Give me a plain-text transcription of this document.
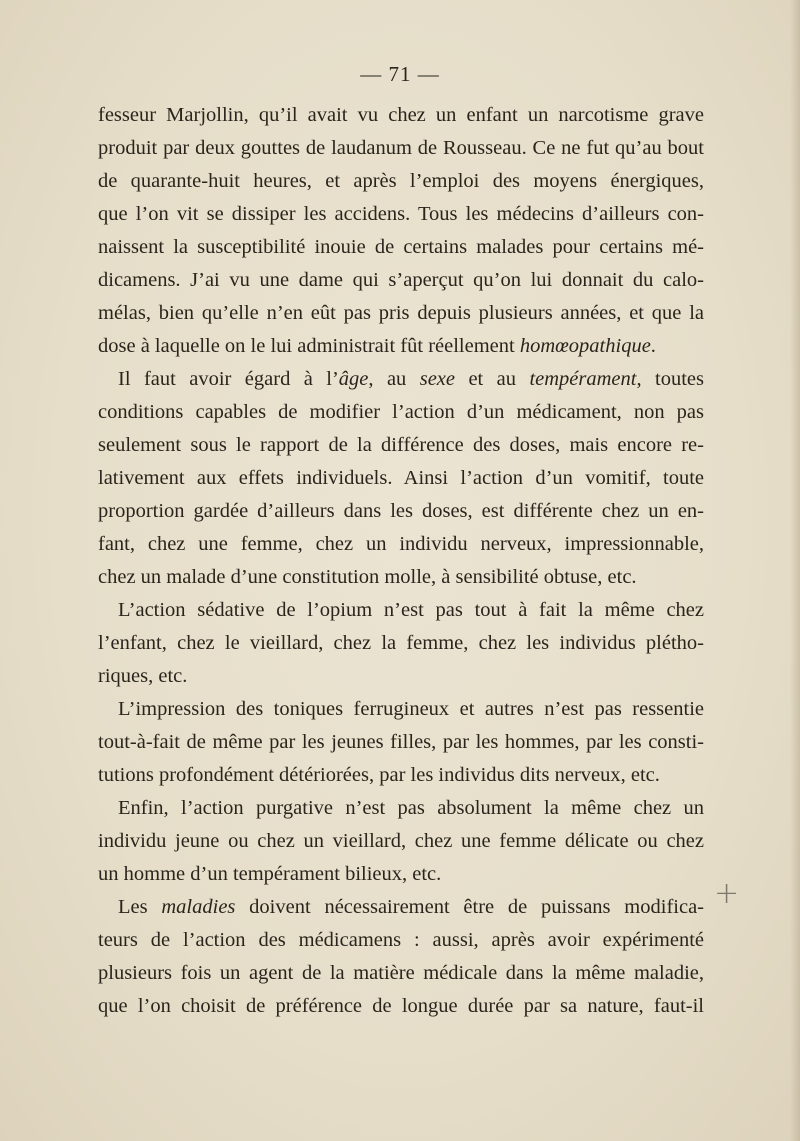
— 71 —
fesseur Marjollin, qu’il avait vu chez un enfant un narcotisme grave
produit par deux gouttes de laudanum de Rousseau. Ce ne fut qu’au bout
de quarante-huit heures, et après l’emploi des moyens énergiques,
que l’on vit se dissiper les accidens. Tous les médecins d’ailleurs con-
naissent la susceptibilité inouie de certains malades pour certains mé-
dicamens. J’ai vu une dame qui s’aperçut qu’on lui donnait du calo-
mélas, bien qu’elle n’en eût pas pris depuis plusieurs années, et que la
dose à laquelle on le lui administrait fût réellement homœopathique.
Il faut avoir égard à l’âge, au sexe et au tempérament, toutes
conditions capables de modifier l’action d’un médicament, non pas
seulement sous le rapport de la différence des doses, mais encore re-
lativement aux effets individuels. Ainsi l’action d’un vomitif, toute
proportion gardée d’ailleurs dans les doses, est différente chez un en-
fant, chez une femme, chez un individu nerveux, impressionnable,
chez un malade d’une constitution molle, à sensibilité obtuse, etc.
L’action sédative de l’opium n’est pas tout à fait la même chez
l’enfant, chez le vieillard, chez la femme, chez les individus plétho-
riques, etc.
L’impression des toniques ferrugineux et autres n’est pas ressentie
tout-à-fait de même par les jeunes filles, par les hommes, par les consti-
tutions profondément détériorées, par les individus dits nerveux, etc.
Enfin, l’action purgative n’est pas absolument la même chez un
individu jeune ou chez un vieillard, chez une femme délicate ou chez
un homme d’un tempérament bilieux, etc.
Les maladies doivent nécessairement être de puissans modifica-
teurs de l’action des médicamens : aussi, après avoir expérimenté
plusieurs fois un agent de la matière médicale dans la même maladie,
que l’on choisit de préférence de longue durée par sa nature, faut-il
+
